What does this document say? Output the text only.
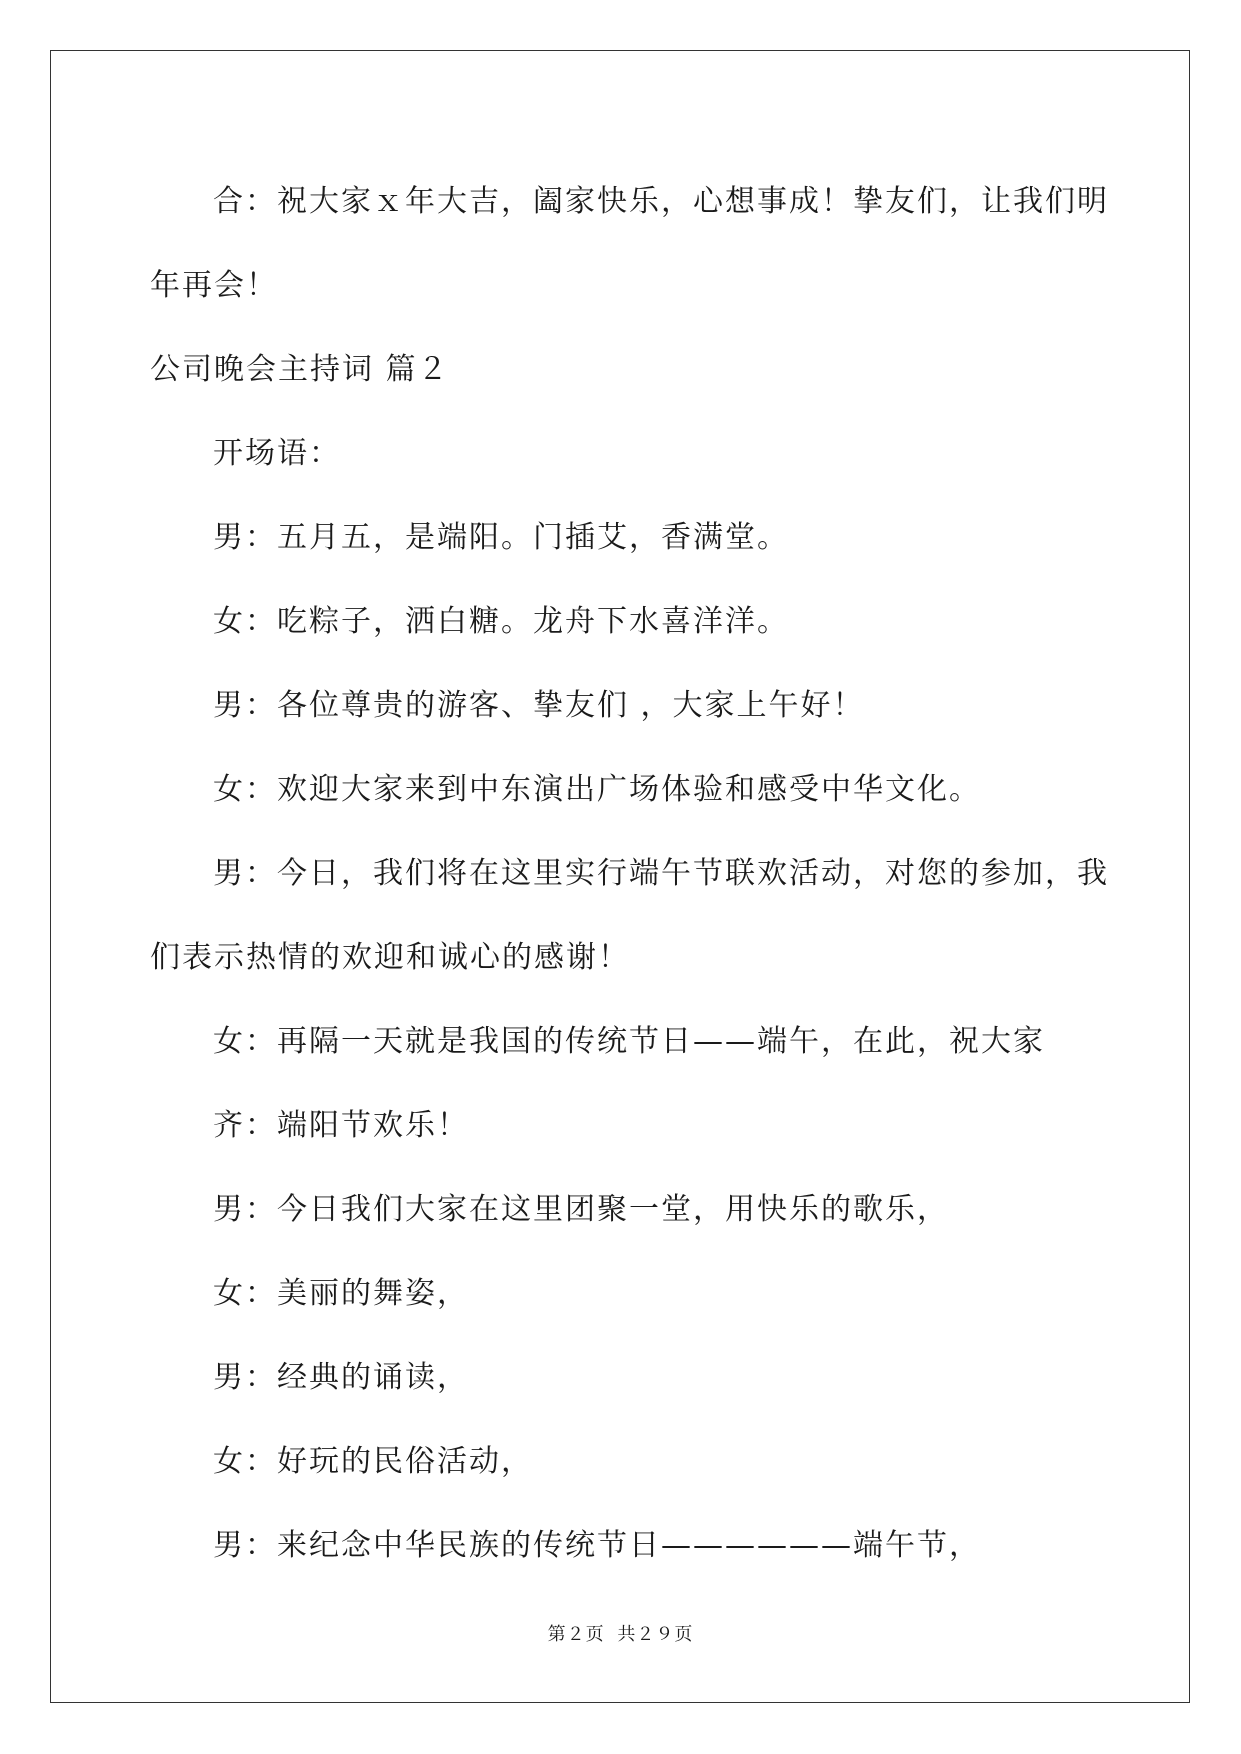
合：祝大家ｘ年大吉，阖家快乐，心想事成！挚友们，让我们明
年再会！
公司晚会主持词 篇２
开场语：
男：五月五，是端阳。门插艾，香满堂。
女：吃粽子，洒白糖。龙舟下水喜洋洋。
男：各位尊贵的游客、挚友们 ，大家上午好！
女：欢迎大家来到中东演出广场体验和感受中华文化。
男：今日，我们将在这里实行端午节联欢活动，对您的参加，我
们表示热情的欢迎和诚心的感谢！
女：再隔一天就是我国的传统节日——端午，在此，祝大家
齐：端阳节欢乐！
男：今日我们大家在这里团聚一堂，用快乐的歌乐，
女：美丽的舞姿，
男：经典的诵读，
女：好玩的民俗活动，
男：来纪念中华民族的传统节日——————端午节，
第２页 共２９页
